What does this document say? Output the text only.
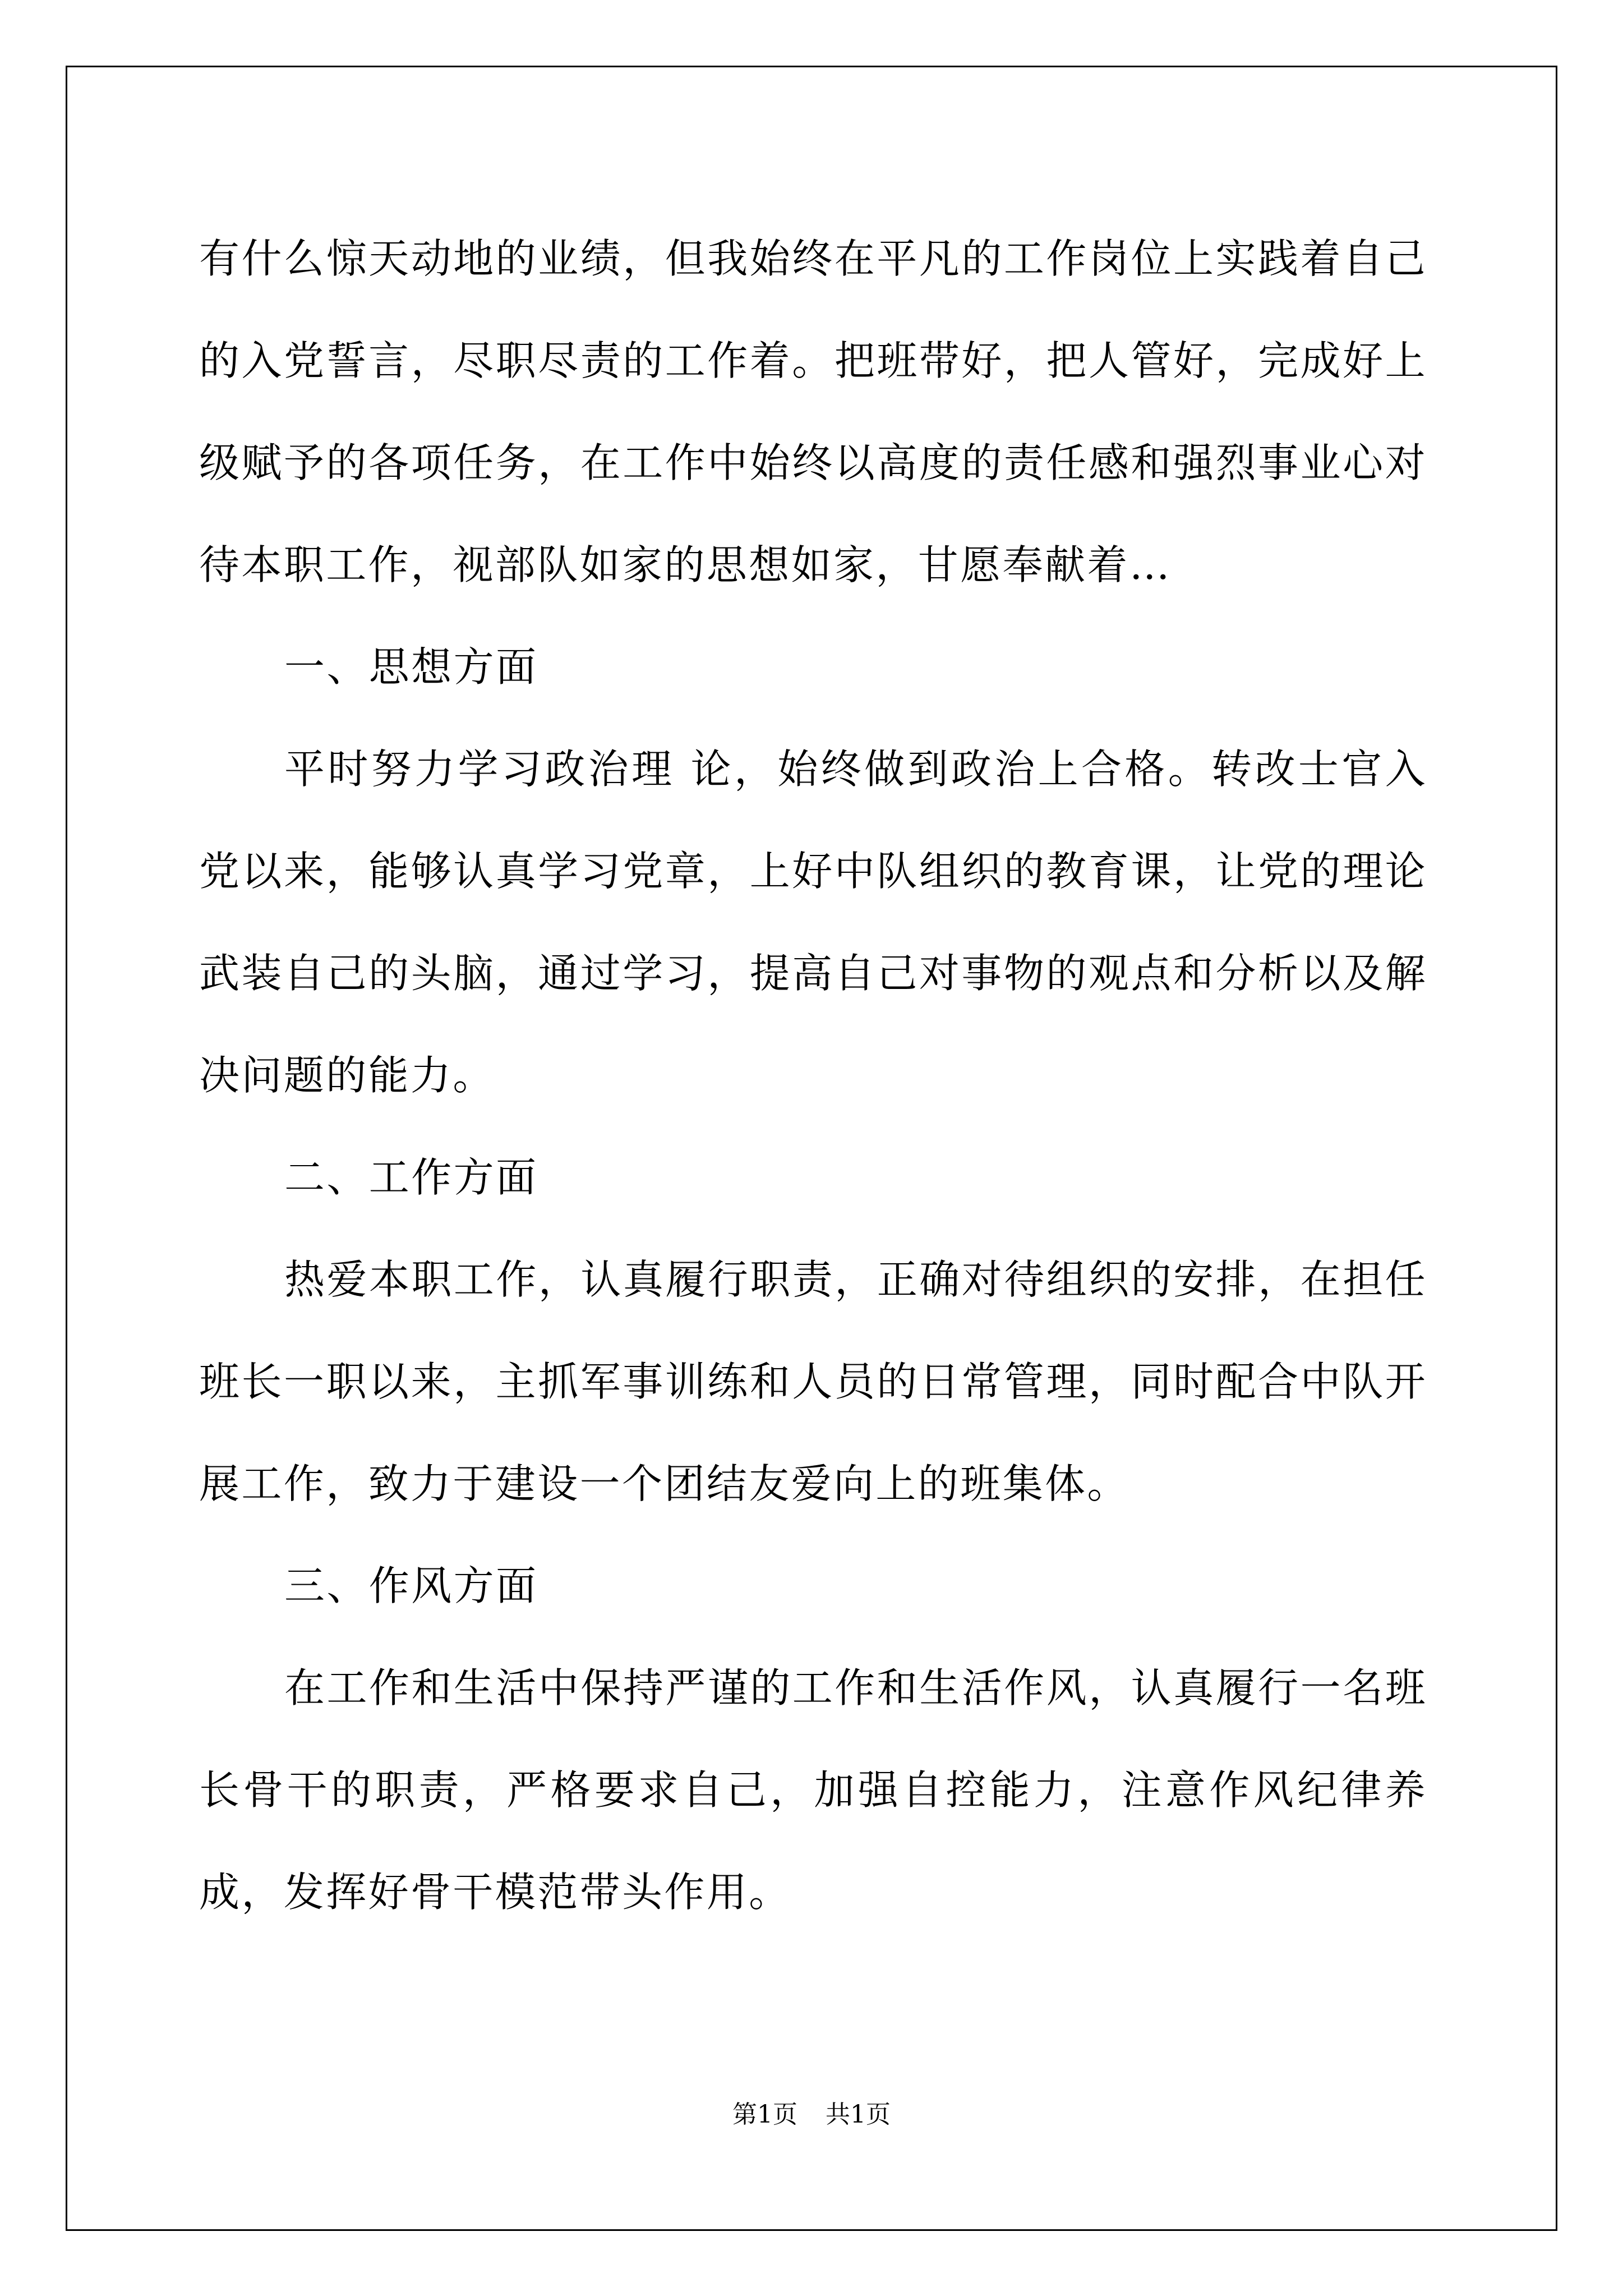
有什么惊天动地的业绩，但我始终在平凡的工作岗位上实践着自己的入党誓言，尽职尽责的工作着。把班带好，把人管好，完成好上级赋予的各项任务，在工作中始终以高度的责任感和强烈事业心对待本职工作，视部队如家的思想如家，甘愿奉献着…

一、思想方面

平时努力学习政治理 论，始终做到政治上合格。转改士官入党以来，能够认真学习党章，上好中队组织的教育课，让党的理论武装自己的头脑，通过学习，提高自己对事物的观点和分析以及解决问题的能力。

二、工作方面

热爱本职工作，认真履行职责，正确对待组织的安排，在担任班长一职以来，主抓军事训练和人员的日常管理，同时配合中队开展工作，致力于建设一个团结友爱向上的班集体。

三、作风方面

在工作和生活中保持严谨的工作和生活作风，认真履行一名班长骨干的职责，严格要求自己，加强自控能力，注意作风纪律养成，发挥好骨干模范带头作用。

第1页 共1页
